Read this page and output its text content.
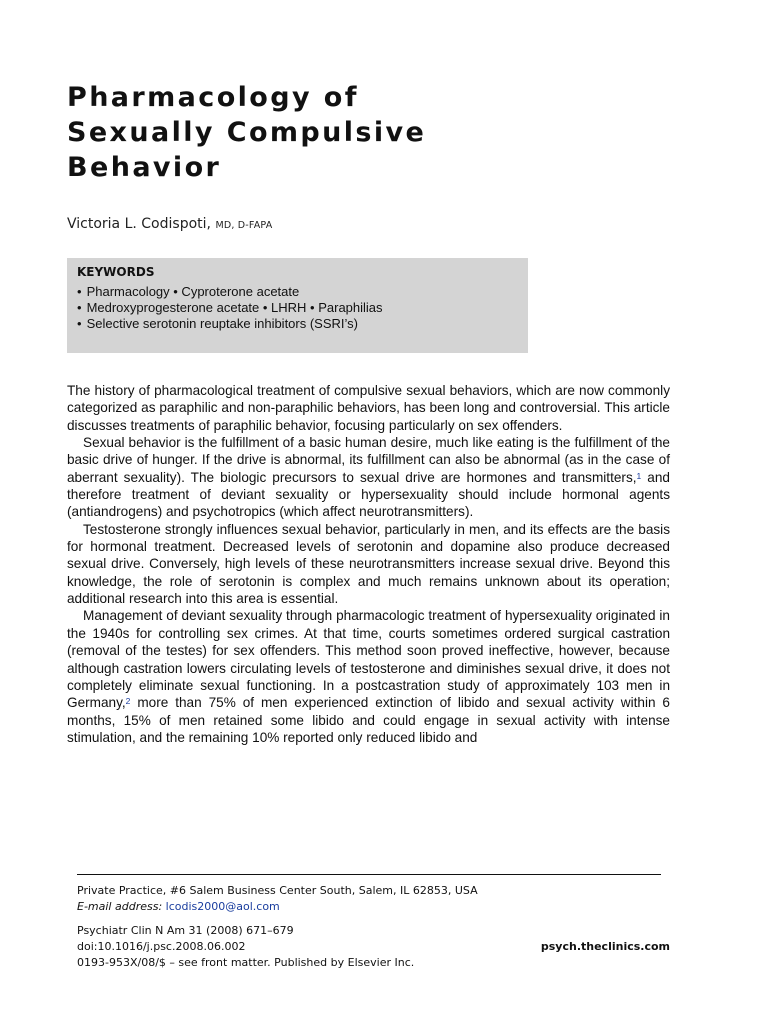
Pharmacology of
Sexually Compulsive
Behavior
Victoria L. Codispoti, MD, D-FAPA
KEYWORDS
• Pharmacology • Cyproterone acetate
• Medroxyprogesterone acetate • LHRH • Paraphilias
• Selective serotonin reuptake inhibitors (SSRI’s)

The history of pharmacological treatment of compulsive sexual behaviors, which are now commonly categorized as paraphilic and non-paraphilic behaviors, has been long and controversial. This article discusses treatments of paraphilic behavior, focusing particularly on sex offenders.

Sexual behavior is the fulfillment of a basic human desire, much like eating is the fulfillment of the basic drive of hunger. If the drive is abnormal, its fulfillment can also be abnormal (as in the case of aberrant sexuality). The biologic precursors to sexual drive are hormones and transmitters,$^1$ and therefore treatment of deviant sexuality or hypersexuality should include hormonal agents (antiandrogens) and psychotropics (which affect neurotransmitters).

Testosterone strongly influences sexual behavior, particularly in men, and its effects are the basis for hormonal treatment. Decreased levels of serotonin and dopamine also produce decreased sexual drive. Conversely, high levels of these neurotransmitters increase sexual drive. Beyond this knowledge, the role of serotonin is complex and much remains unknown about its operation; additional research into this area is essential.

Management of deviant sexuality through pharmacologic treatment of hypersexuality originated in the 1940s for controlling sex crimes. At that time, courts sometimes ordered surgical castration (removal of the testes) for sex offenders. This method soon proved ineffective, however, because although castration lowers circulating levels of testosterone and diminishes sexual drive, it does not completely eliminate sexual functioning. In a postcastration study of approximately 103 men in Germany,$^2$ more than 75% of men experienced extinction of libido and sexual activity within 6 months, 15% of men retained some libido and could engage in sexual activity with intense stimulation, and the remaining 10% reported only reduced libido and

Private Practice, #6 Salem Business Center South, Salem, IL 62853, USA
E-mail address: lcodis2000@aol.com
Psychiatr Clin N Am 31 (2008) 671–679
doi:10.1016/j.psc.2008.06.002
0193-953X/08/$ – see front matter. Published by Elsevier Inc.
psych.theclinics.com
